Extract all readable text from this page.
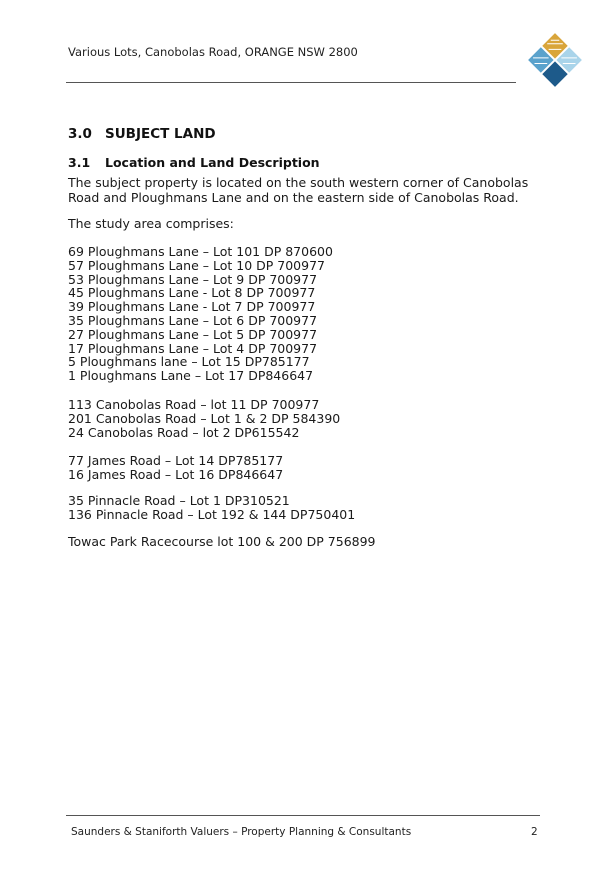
Various Lots, Canobolas Road, ORANGE NSW 2800
3.0 SUBJECT LAND
3.1 Location and Land Description
The subject property is located on the south western corner of Canobolas Road and Ploughmans Lane and on the eastern side of Canobolas Road.
The study area comprises:
69 Ploughmans Lane – Lot 101 DP 870600
57 Ploughmans Lane – Lot 10 DP 700977
53 Ploughmans Lane – Lot 9 DP 700977
45 Ploughmans Lane - Lot 8 DP 700977
39 Ploughmans Lane - Lot 7 DP 700977
35 Ploughmans Lane – Lot 6 DP 700977
27 Ploughmans Lane – Lot 5 DP 700977
17 Ploughmans Lane – Lot 4 DP 700977
5 Ploughmans lane – Lot 15 DP785177
1 Ploughmans Lane – Lot 17 DP846647
113 Canobolas Road – lot 11 DP 700977
201 Canobolas Road – Lot 1 & 2 DP 584390
24 Canobolas Road – lot 2 DP615542
77 James Road – Lot 14 DP785177
16 James Road – Lot 16 DP846647
35 Pinnacle Road – Lot 1 DP310521
136 Pinnacle Road – Lot 192 & 144 DP750401
Towac Park Racecourse lot 100 & 200 DP 756899
Saunders & Staniforth Valuers – Property Planning & Consultants	2
